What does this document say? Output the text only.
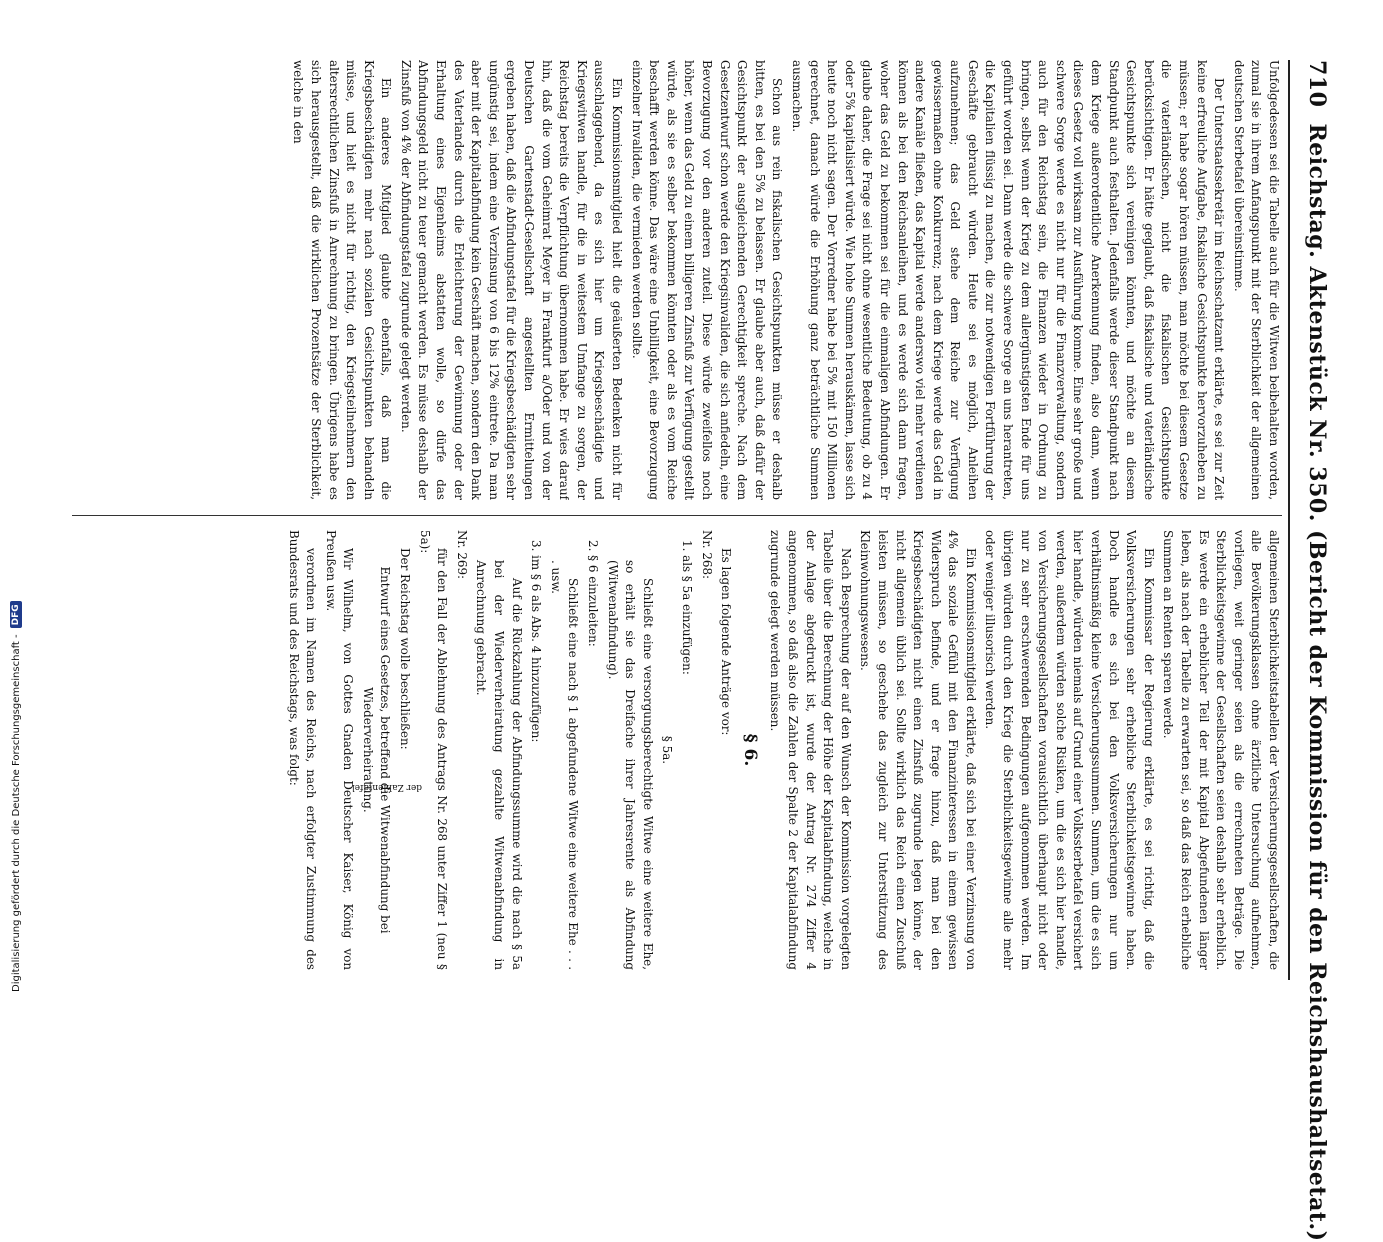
710
Reichstag. Aktenstück Nr. 350. (Bericht der Kommission für den Reichshaushaltsetat.)

Unfolgedessen sei die Tabelle auch für die Witwen beibehalten worden, zumal sie in ihrem Anfangspunkt mit der Sterblichkeit der allgemeinen deutschen Sterbetafel übereinstimme.

Der Unterstaatssekretär im Reichsschatzamt erklärte, es sei zur Zeit keine erfreuliche Aufgabe, fiskalische Gesichtspunkte hervorzuheben zu müssen; er habe sogar hören müssen, man möchte bei diesem Gesetze die vaterländischen, nicht die fiskalischen Gesichtspunkte berücksichtigen. Er hätte geglaubt, daß fiskalische und vaterländische Gesichtspunkte sich vereinigen könnten, und möchte an diesem Standpunkt auch festhalten. Jedenfalls werde dieser Standpunkt nach dem Kriege außerordentliche Anerkennung finden, also dann, wenn dieses Gesetz voll wirksam zur Ausführung komme. Eine sehr große und schwere Sorge werde es nicht nur für die Finanzverwaltung, sondern auch für den Reichstag sein, die Finanzen wieder in Ordnung zu bringen, selbst wenn der Krieg zu dem allergünstigsten Ende für uns geführt worden sei. Dann werde die schwere Sorge an uns herantreten, die Kapitalien flüssig zu machen, die zur notwendigen Fortführung der Geschäfte gebraucht würden. Heute sei es möglich, Anleihen aufzunehmen; das Geld stehe dem Reiche zur Verfügung gewissermaßen ohne Konkurrenz; nach dem Kriege werde das Geld in andere Kanäle fließen, das Kapital werde anderswo viel mehr verdienen können als bei den Reichsanleihen, und es werde sich dann fragen, woher das Geld zu bekommen sei für die einmaligen Abfindungen. Er glaube daher, die Frage sei nicht ohne wesentliche Bedeutung, ob zu 4 oder 5% kapitalisiert würde. Wie hohe Summen herauskämen, lasse sich heute noch nicht sagen. Der Vorredner habe bei 5% mit 150 Millionen gerechnet, danach würde die Erhöhung ganz beträchtliche Summen ausmachen.

Schon aus rein fiskalischen Gesichtspunkten müsse er deshalb bitten, es bei den 5% zu belassen. Er glaube aber auch, daß dafür der Gesichtspunkt der ausgleichenden Gerechtigkeit spreche. Nach dem Gesetzentwurf schon werde den Kriegsinvaliden, die sich anfiedeln, eine Bevorzugung vor den anderen zuteil. Diese würde zweifellos noch höher, wenn das Geld zu einem billigeren Zinsfuß zur Verfügung gestellt würde, als sie es selber bekommen könnten oder als es vom Reiche beschafft werden könne. Das wäre eine Unbilligkeit, eine Bevorzugung einzelner Invaliden, die vermieden werden sollte.

Ein Kommissionsmitglied hielt die geäußerten Bedenken nicht für ausschlaggebend, da es sich hier um Kriegsbeschädigte und Kriegswitwen handle, für die in weitestem Umfange zu sorgen, der Reichstag bereits die Verpflichtung übernommen habe. Er wies darauf hin, daß die vom Geheimrat Meyer in Frankfurt a/Oder und von der Deutschen Gartenstadt-Gesellschaft angestellten Ermittelungen ergeben haben, daß die Abfindungstafel für die Kriegsbeschädigten sehr ungünstig sei, indem eine Verzinsung von 6 bis 12% eintrete. Da man aber mit der Kapitalabfindung kein Geschäft machen, sondern den Dank des Vaterlandes durch die Erleichterung der Gewinnung oder der Erhaltung eines Eigenheims abstatten wolle, so dürfe das Abfindungsgeld nicht zu teuer gemacht werden. Es müsse deshalb der Zinsfuß von 4% der Abfindungstafel zugrunde gelegt werden.

Ein anderes Mitglied glaubte ebenfalls, daß man die Kriegsbeschädigten mehr nach sozialen Gesichtspunkten behandeln müsse, und hielt es nicht für richtig, den Kriegsteilnehmern den altersrechtlichen Zinsfuß in Anrechnung zu bringen. Übrigens habe es sich herausgestellt, daß die wirklichen Prozentsätze der Sterblichkeit, welche in den

allgemeinen Sterblichkeitstabellen der Versicherungsgesellschaften, die alle Bevölkerungsklassen ohne ärztliche Untersuchung aufnehmen, vorliegen, weit geringer seien als die errechneten Beträge. Die Sterblichkeitsgewinne der Gesellschaften seien deshalb sehr erheblich. Es werde ein erheblicher Teil der mit Kapital Abgefundenen länger leben, als nach der Tabelle zu erwarten sei, so daß das Reich erhebliche Summen an Renten sparen werde.

Ein Kommissar der Regierung erklärte, es sei richtig, daß die Volksversicherungen sehr erhebliche Sterblichkeitsgewinne haben. Doch handle es sich bei den Volksversicherungen nur um verhältnismäßig kleine Versicherungssummen. Summen, um die es sich hier handle, würden niemals auf Grund einer Volkssterbetafel versichert werden, außerdem würden solche Risiken, um die es sich hier handle, von Versicherungsgesellschaften vorausichtlich überhaupt nicht oder nur zu sehr erschwerenden Bedingungen aufgenommen werden. Im übrigen würden durch den Krieg die Sterblichkeitsgewinne alle mehr oder weniger illusorisch werden.

Ein Kommissionsmitglied erklärte, daß sich bei einer Verzinsung von 4% das soziale Gefühl mit den Finanzinteressen in einem gewissen Widerspruch befinde, und er frage hinzu, daß man bei den Kriegsbeschädigten nicht einen Zinsfuß zugrunde legen könne, der nicht allgemein üblich sei. Sollte wirklich das Reich einen Zuschuß leisten müssen, so geschehe das zugleich zur Unterstützung des Kleinwohnungswesens.

Nach Besprechung der auf den Wunsch der Kommission vorgelegten Tabelle über die Berechnung der Höhe der Kapitalabfindung, welche in der Anlage abgedruckt ist, wurde der Antrag Nr. 274 Ziffer 4 angenommen, so daß also die Zahlen der Spalte 2 der Kapitalabfindung zugrunde gelegt werden müssen.

§ 6.

Es lagen folgende Anträge vor:

Nr. 268:

1. als § 5a einzufügen:
§ 5a.

Schließt eine versorgungsberechtigte Witwe eine weitere Ehe, so erhält sie das Dreifache ihrer Jahresrente als Abfindung (Witwenabfindung).

2. § 6 einzuleiten:

Schließt eine nach § 1 abgefundene Witwe eine weitere Ehe . . . . usw.

3. im § 6 als Abs. 4 hinzuzufügen:

Auf die Rückzahlung der Abfindungssumme wird die nach § 5a bei der Wiederverheiratung gezahlte Witwenabfindung in Anrechnung gebracht.

Nr. 269:

für den Fall der Ablehnung des Antrags Nr. 268 unter Ziffer 1 (neu § 5a):

Der Reichstag wolle beschließen:

Entwurf eines Gesetzes, betreffend die Witwenabfindung bei Wiederverheiratung.

Wir Wilhelm, von Gottes Gnaden Deutscher Kaiser, König von Preußen usw.

verordnen im Namen des Reichs, nach erfolgter Zustimmung des Bundesrats und des Reichstags, was folgt:

der Zahlentafel
Digitalisierung gefördert durch die Deutsche Forschungsgemeinschaft -
DFG
